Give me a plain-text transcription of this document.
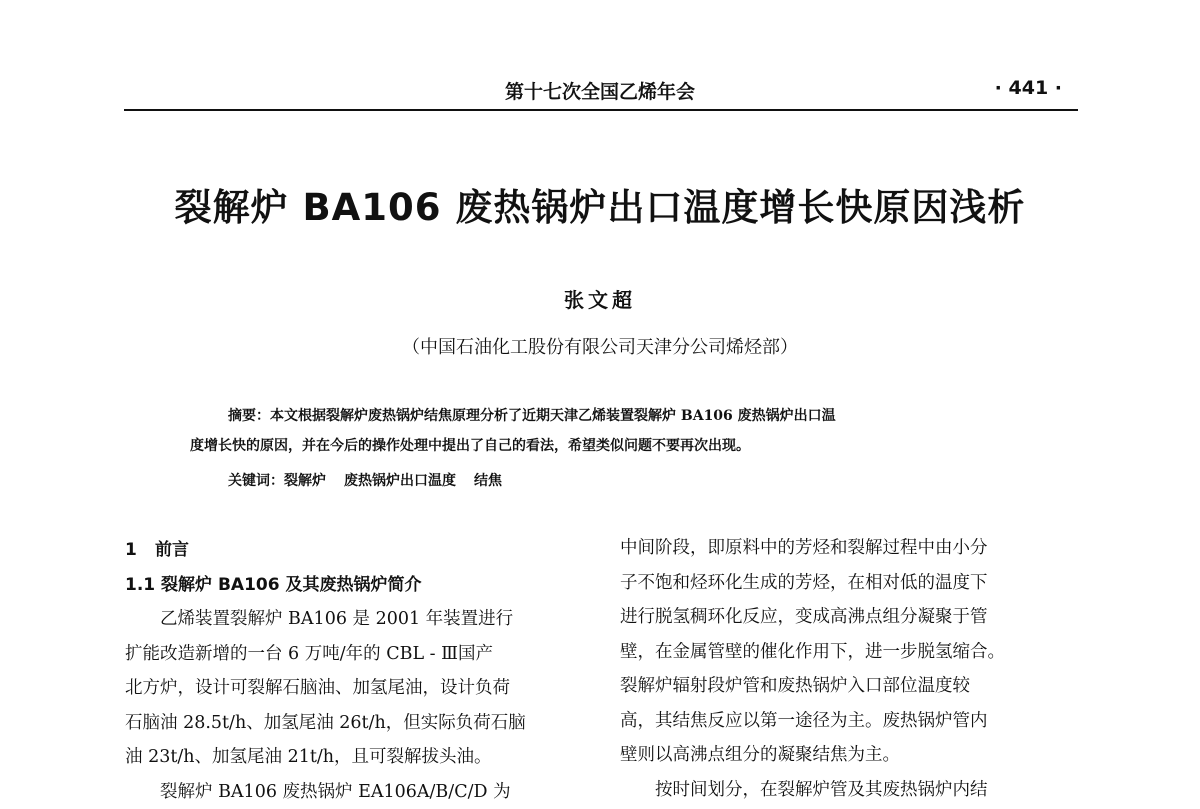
第十七次全国乙烯年会	· 441 ·
裂解炉 BA106 废热锅炉出口温度增长快原因浅析
张文超
（中国石油化工股份有限公司天津分公司烯烃部）

摘要：本文根据裂解炉废热锅炉结焦原理分析了近期天津乙烯装置裂解炉 BA106 废热锅炉出口温

度增长快的原因，并在今后的操作处理中提出了自己的看法，希望类似问题不要再次出现。

关键词：裂解炉 废热锅炉出口温度 结焦

1 前言

1.1 裂解炉 BA106 及其废热锅炉简介

乙烯装置裂解炉 BA106 是 2001 年装置进行

扩能改造新增的一台 6 万吨/年的 CBL - Ⅲ国产

北方炉，设计可裂解石脑油、加氢尾油，设计负荷

石脑油 28.5t/h、加氢尾油 26t/h，但实际负荷石脑

油 23t/h、加氢尾油 21t/h，且可裂解拔头油。

裂解炉 BA106 废热锅炉 EA106A/B/C/D 为

中间阶段，即原料中的芳烃和裂解过程中由小分

子不饱和烃环化生成的芳烃，在相对低的温度下

进行脱氢稠环化反应，变成高沸点组分凝聚于管

壁，在金属管壁的催化作用下，进一步脱氢缩合。

裂解炉辐射段炉管和废热锅炉入口部位温度较

高，其结焦反应以第一途径为主。废热锅炉管内

壁则以高沸点组分的凝聚结焦为主。

按时间划分，在裂解炉管及其废热锅炉内结
